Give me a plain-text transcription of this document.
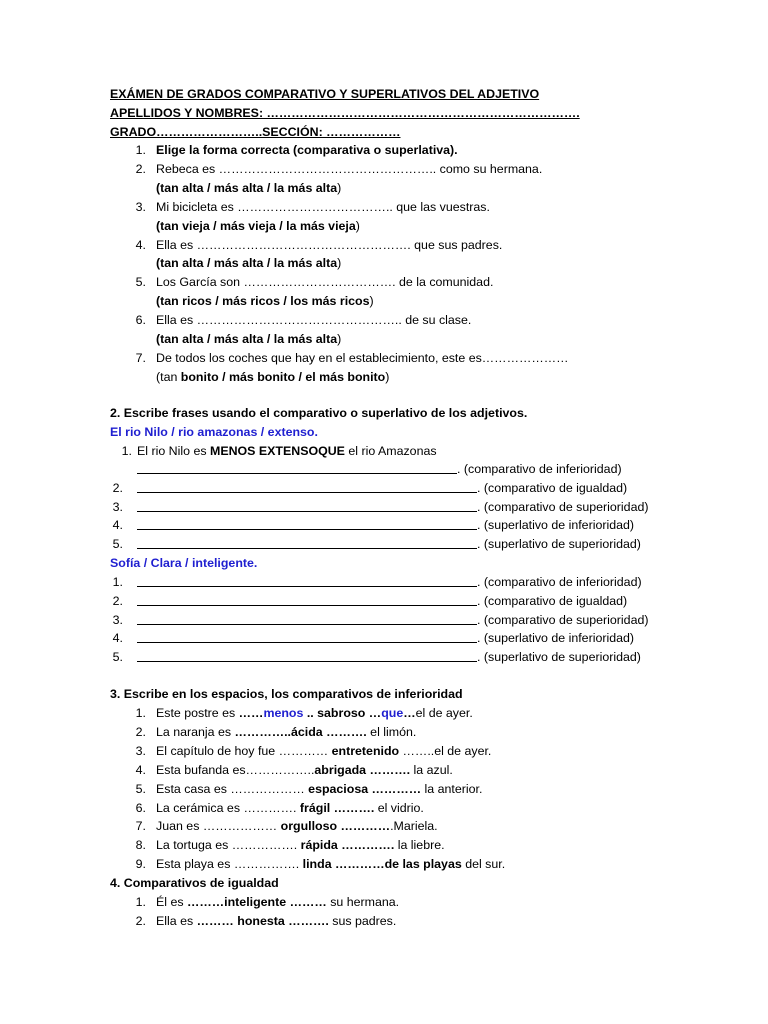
EXÁMEN DE GRADOS COMPARATIVO Y SUPERLATIVOS DEL ADJETIVO
APELLIDOS Y NOMBRES: ………………………………………………………………….
GRADO……………………..SECCIÓN: ………………
1. Elige la forma correcta (comparativa o superlativa).
2. Rebeca es …………………………………………….. como su hermana.
(tan alta / más alta / la más alta)
3. Mi bicicleta es ……………………………….. que las vuestras.
(tan vieja / más vieja / la más vieja)
4. Ella es ……………………………………………. que sus padres.
(tan alta / más alta / la más alta)
5. Los García son ………………………………. de la comunidad.
(tan ricos / más ricos / los más ricos)
6. Ella es ………………………………………….. de su clase.
(tan alta / más alta / la más alta)
7. De todos los coches que hay en el establecimiento, este es…………………
(tan bonito / más bonito / el más bonito)
2. Escribe frases usando el comparativo o superlativo de los adjetivos.
El rio Nilo / rio amazonas / extenso.
1. El rio Nilo es MENOS EXTENSOQUE el rio Amazonas
. (comparativo de inferioridad)
2.	. (comparativo de igualdad)
3.	. (comparativo de superioridad)
4.	. (superlativo de inferioridad)
5.	. (superlativo de superioridad)
Sofía / Clara / inteligente.
1.	. (comparativo de inferioridad)
2.	. (comparativo de igualdad)
3.	. (comparativo de superioridad)
4.	. (superlativo de inferioridad)
5.	. (superlativo de superioridad)
3. Escribe en los espacios, los comparativos de inferioridad
1. Este postre es ……menos .. sabroso …que…el de ayer.
2. La naranja es …………..ácida ………. el limón.
3. El capítulo de hoy fue ………… entretenido ……..el de ayer.
4. Esta bufanda es……………..abrigada ………. la azul.
5. Esta casa es ……………… espaciosa ………… la anterior.
6. La cerámica es …………. frágil ………. el vidrio.
7. Juan es ……………… orgulloso ………….Mariela.
8. La tortuga es ……………. rápida …………. la liebre.
9. Esta playa es ……………. linda …………de las playas del sur.
4. Comparativos de igualdad
1. Él es ………inteligente ……… su hermana.
2. Ella es ……… honesta ………. sus padres.
